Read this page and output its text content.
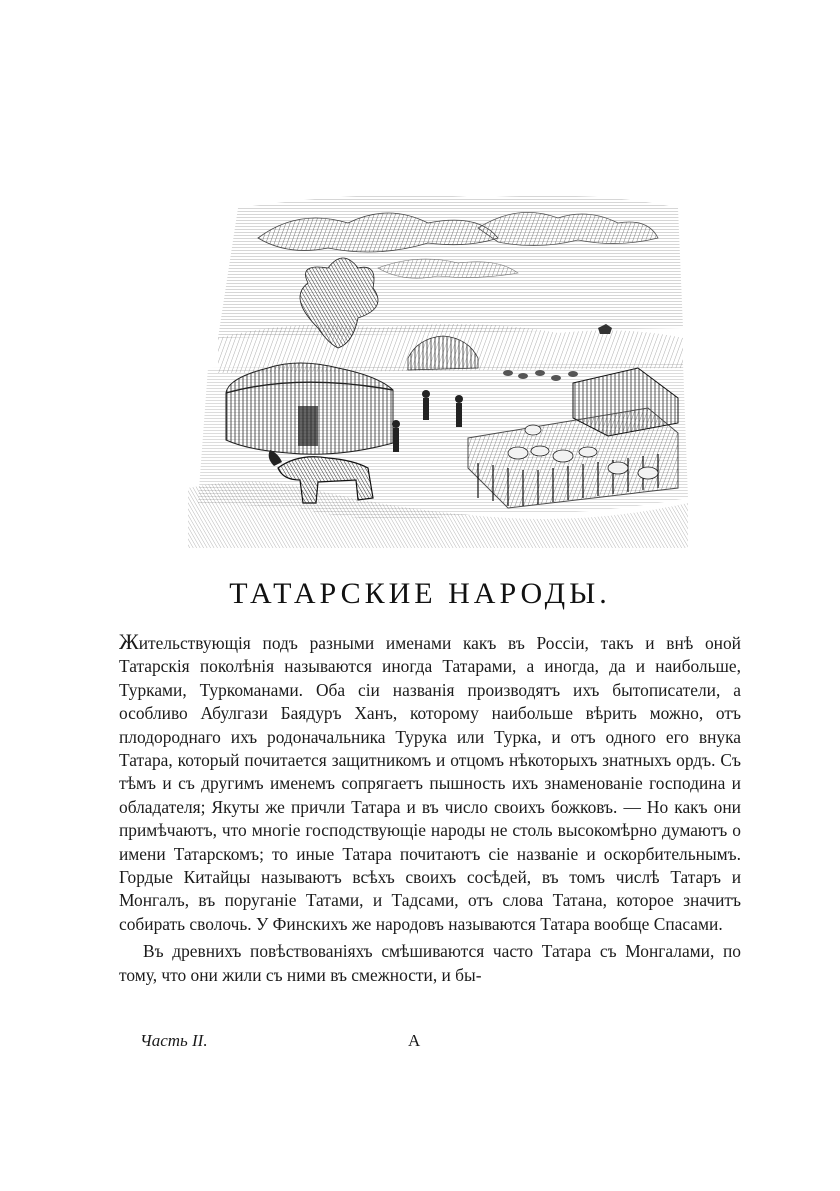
ТАТАРСКИЕ НАРОДЫ.

Жительствующія подъ разными именами какъ въ Россіи, такъ и внѣ оной Татарскія поколѣнія называются иногда Татарами, а иногда, да и наибольше, Турками, Туркоманами. Оба сіи названія производятъ ихъ бытописатели, а особливо Абулгази Баядуръ Ханъ, которому наибольше вѣрить можно, отъ плодороднаго ихъ родоначальника Турука или Турка, и отъ одного его внука Татара, который почитается защитникомъ и отцомъ нѣкоторыхъ знатныхъ ордъ. Съ тѣмъ и съ другимъ именемъ сопрягаетъ пышность ихъ знаменованіе господина и обладателя; Якуты же причли Татара и въ число своихъ божковъ. — Но какъ они примѣчаютъ, что многіе господствующіе народы не столь высокомѣрно думаютъ о имени Татарскомъ; то иные Татара почитаютъ сіе названіе и оскорбительнымъ. Гордые Китайцы называютъ всѣхъ своихъ сосѣдей, въ томъ числѣ Татаръ и Монгалъ, въ поруганіе Татами, и Тадсами, отъ слова Татана, которое значитъ собирать сволочь. У Финскихъ же народовъ называются Татара вообще Спасами.

Въ древнихъ повѣствованіяхъ смѣшиваются часто Татара съ Монгалами, по тому, что они жили съ ними въ смежности, и бы-

Часть II.	A
